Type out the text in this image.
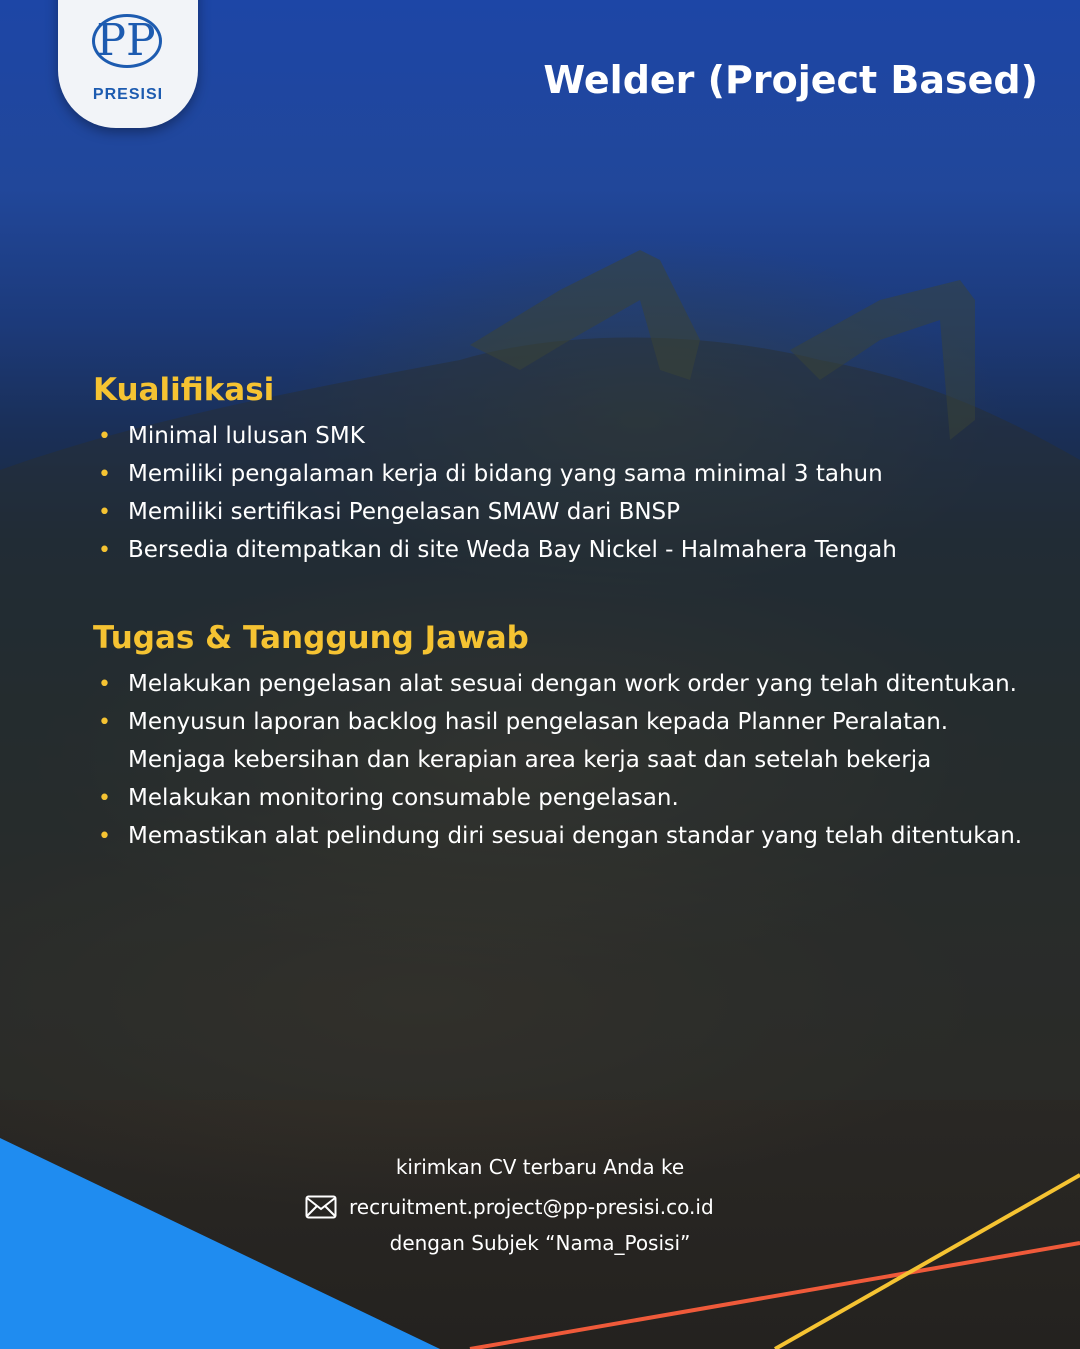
PP
PRESISI	Welder (Project Based)
Kualifikasi
• Minimal lulusan SMK
• Memiliki pengalaman kerja di bidang yang sama minimal 3 tahun
• Memiliki sertifikasi Pengelasan SMAW dari BNSP
• Bersedia ditempatkan di site Weda Bay Nickel - Halmahera Tengah
Tugas & Tanggung Jawab
• Melakukan pengelasan alat sesuai dengan work order yang telah ditentukan.
• Menyusun laporan backlog hasil pengelasan kepada Planner Peralatan.
Menjaga kebersihan dan kerapian area kerja saat dan setelah bekerja
• Melakukan monitoring consumable pengelasan.
• Memastikan alat pelindung diri sesuai dengan standar yang telah ditentukan.
kirimkan CV terbaru Anda ke
recruitment.project@pp-presisi.co.id
dengan Subjek “Nama_Posisi”
